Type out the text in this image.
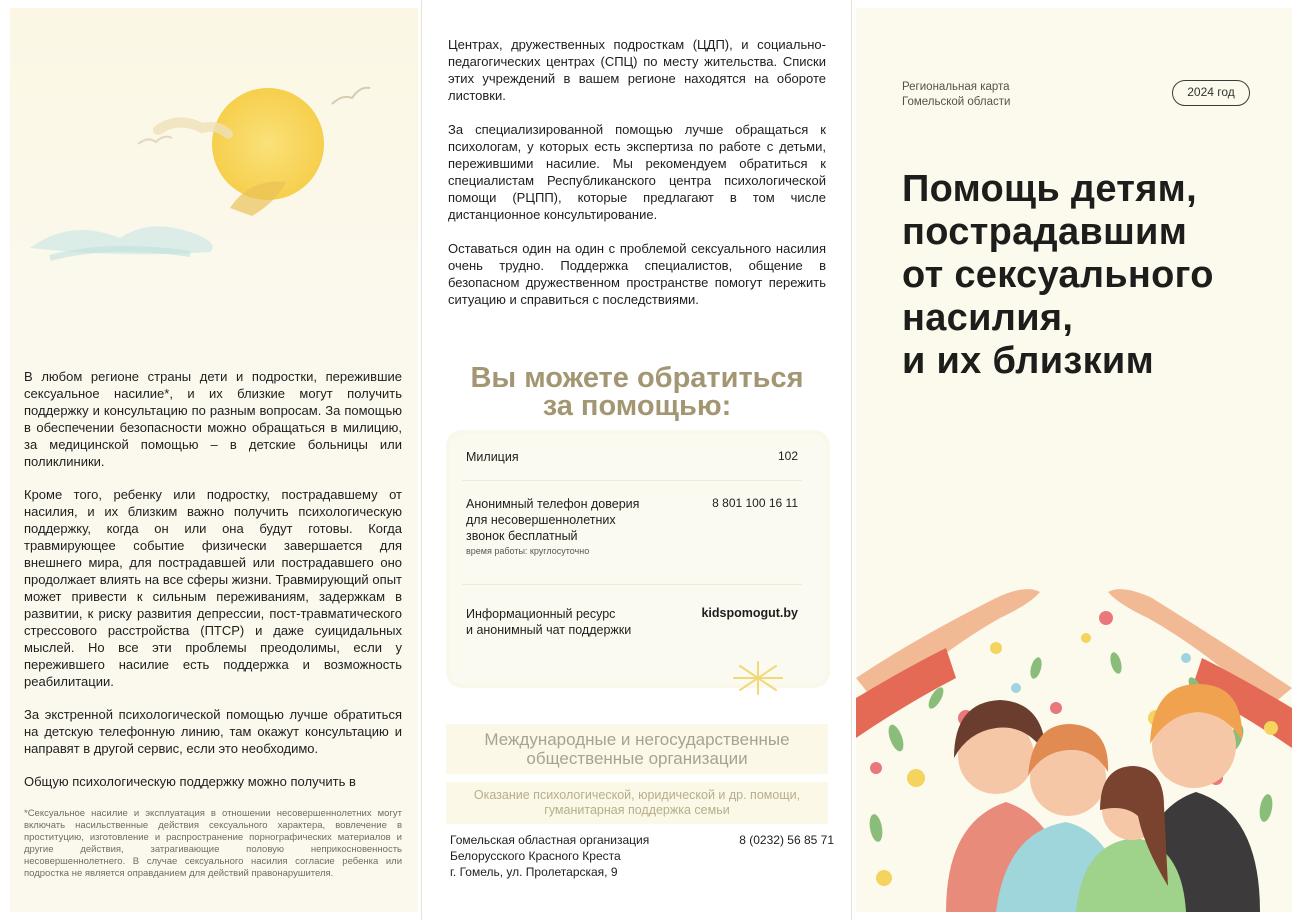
В любом регионе страны дети и подростки, пережившие сексуальное насилие*, и их близкие могут получить поддержку и консультацию по разным вопросам. За помощью в обеспечении безопасности можно обращаться в милицию, за медицинской помощью – в детские больницы или поликлиники.

Кроме того, ребенку или подростку, пострадавшему от насилия, и их близким важно получить психологическую поддержку, когда он или она будут готовы. Когда травмирующее событие физически завершается для внешнего мира, для пострадавшей или пострадавшего оно продолжает влиять на все сферы жизни. Травмирующий опыт может привести к сильным переживаниям, задержкам в развитии, к риску развития депрессии, пост-травматического стрессового расстройства (ПТСР) и даже суицидальных мыслей. Но все эти проблемы преодолимы, если у пережившего насилие есть поддержка и возможность реабилитации.

За экстренной психологической помощью лучше обратиться на детскую телефонную линию, там окажут консультацию и направят в другой сервис, если это необходимо.

Общую психологическую поддержку можно получить в

*Сексуальное насилие и эксплуатация в отношении несовершеннолетних могут включать насильственные действия сексуального характера, вовлечение в проституцию, изготовление и распространение порнографических материалов и другие действия, затрагивающие половую неприкосновенность несовершеннолетнего. В случае сексуального насилия согласие ребенка или подростка не является оправданием для действий правонарушителя.

Центрах, дружественных подросткам (ЦДП), и социально-педагогических центрах (СПЦ) по месту жительства. Списки этих учреждений в вашем регионе находятся на обороте листовки.

За специализированной помощью лучше обращаться к психологам, у которых есть экспертиза по работе с детьми, пережившими насилие. Мы рекомендуем обратиться к специалистам Республиканского центра психологической помощи (РЦПП), которые предлагают в том числе дистанционное консультирование.

Оставаться один на один с проблемой сексуального насилия очень трудно. Поддержка специалистов, общение в безопасном дружественном пространстве помогут пережить ситуацию и справиться с последствиями.

Вы можете обратиться
за помощью:
Милиция	102
Анонимный телефон доверия
для несовершеннолетних
звонок бесплатный
время работы: круглосуточно
8 801 100 16 11
Информационный ресурс
и анонимный чат поддержки
kidspomogut.by
Международные и негосударственные
общественные организации
Оказание психологической, юридической и др. помощи,
гуманитарная поддержка семьи
Гомельская областная организация
Белорусского Красного Креста
г. Гомель, ул. Пролетарская, 9
8 (0232) 56 85 71
Региональная карта
Гомельской области
2024 год
Помощь детям,
пострадавшим
от сексуального
насилия,
и их близким
